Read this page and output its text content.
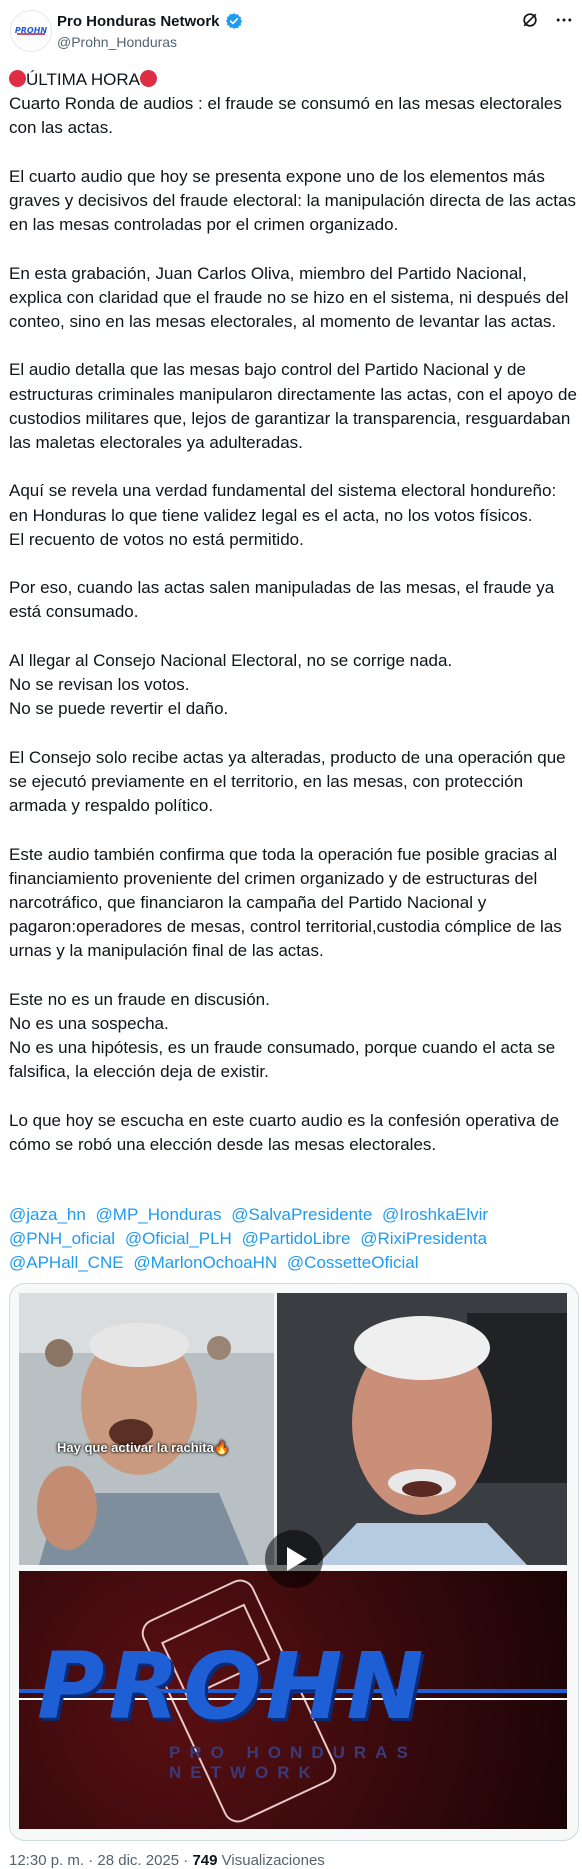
PROHN
Pro Honduras Network
@Prohn_Honduras
ÚLTIMA HORA
Cuarto Ronda de audios : el fraude se consumó en las mesas electorales con las actas.

El cuarto audio que hoy se presenta expone uno de los elementos más graves y decisivos del fraude electoral: la manipulación directa de las actas en las mesas controladas por el crimen organizado.

En esta grabación, Juan Carlos Oliva, miembro del Partido Nacional, explica con claridad que el fraude no se hizo en el sistema, ni después del conteo, sino en las mesas electorales, al momento de levantar las actas.

El audio detalla que las mesas bajo control del Partido Nacional y de estructuras criminales manipularon directamente las actas, con el apoyo de custodios militares que, lejos de garantizar la transparencia, resguardaban las maletas electorales ya adulteradas.

Aquí se revela una verdad fundamental del sistema electoral hondureño: en Honduras lo que tiene validez legal es el acta, no los votos físicos.
El recuento de votos no está permitido.

Por eso, cuando las actas salen manipuladas de las mesas, el fraude ya está consumado.

Al llegar al Consejo Nacional Electoral, no se corrige nada.
No se revisan los votos.
No se puede revertir el daño.

El Consejo solo recibe actas ya alteradas, producto de una operación que se ejecutó previamente en el territorio, en las mesas, con protección armada y respaldo político.

Este audio también confirma que toda la operación fue posible gracias al financiamiento proveniente del crimen organizado y de estructuras del narcotráfico, que financiaron la campaña del Partido Nacional y pagaron:operadores de mesas, control territorial,custodia cómplice de las urnas y la manipulación final de las actas.

Este no es un fraude en discusión.
No es una sospecha.
No es una hipótesis, es un fraude consumado, porque cuando el acta se falsifica, la elección deja de existir.

Lo que hoy se escucha en este cuarto audio es la confesión operativa de cómo se robó una elección desde las mesas electorales.
@jaza_hn @MP_Honduras @SalvaPresidente @IroshkaElvir @PNH_oficial @Oficial_PLH @PartidoLibre @RixiPresidenta @APHall_CNE @MarlonOchoaHN @CossetteOficial
Hay que activar la rachita🔥
PROHN
PRO HONDURAS NETWORK
12:30 p. m. · 28 dic. 2025 · 749 Visualizaciones
